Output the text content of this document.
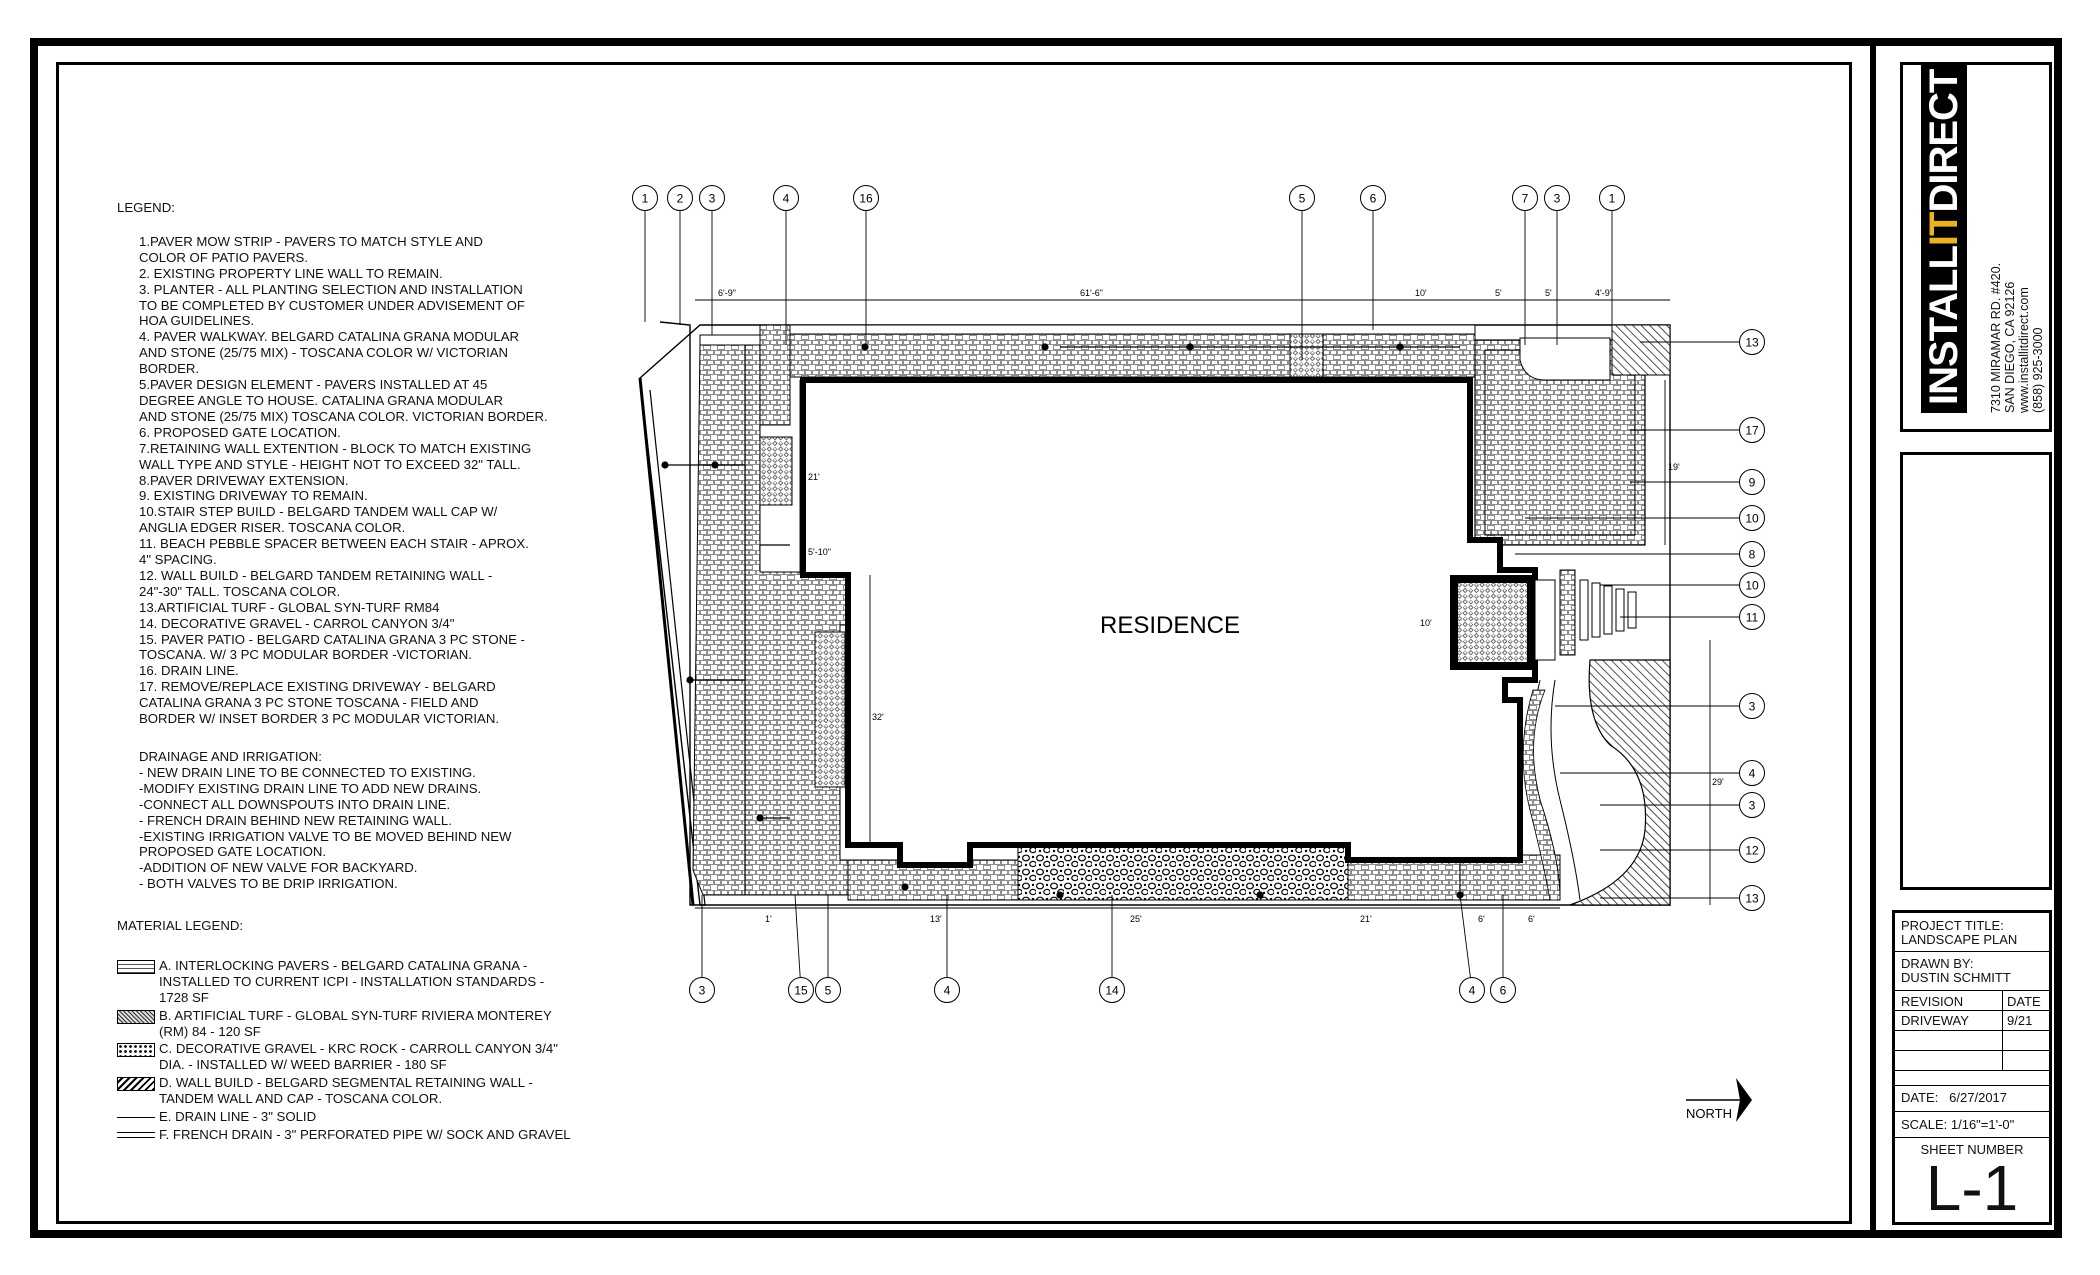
LEGEND:
1.PAVER MOW STRIP - PAVERS TO MATCH STYLE AND
COLOR OF PATIO PAVERS.
2. EXISTING PROPERTY LINE WALL TO REMAIN.
3. PLANTER - ALL PLANTING SELECTION AND INSTALLATION
TO BE COMPLETED BY CUSTOMER UNDER ADVISEMENT OF
HOA GUIDELINES.
4. PAVER WALKWAY. BELGARD CATALINA GRANA MODULAR
AND STONE (25/75 MIX) - TOSCANA COLOR W/ VICTORIAN
BORDER.
5.PAVER DESIGN ELEMENT - PAVERS INSTALLED AT 45
DEGREE ANGLE TO HOUSE. CATALINA GRANA MODULAR
AND STONE (25/75 MIX) TOSCANA COLOR. VICTORIAN BORDER.
6. PROPOSED GATE LOCATION.
7.RETAINING WALL EXTENTION - BLOCK TO MATCH EXISTING
WALL TYPE AND STYLE - HEIGHT NOT TO EXCEED 32" TALL.
8.PAVER DRIVEWAY EXTENSION.
9. EXISTING DRIVEWAY TO REMAIN.
10.STAIR STEP BUILD - BELGARD TANDEM WALL CAP W/
ANGLIA EDGER RISER. TOSCANA COLOR.
11. BEACH PEBBLE SPACER BETWEEN EACH STAIR - APROX.
4" SPACING.
12. WALL BUILD - BELGARD TANDEM RETAINING WALL -
24"-30" TALL. TOSCANA COLOR.
13.ARTIFICIAL TURF - GLOBAL SYN-TURF RM84
14. DECORATIVE GRAVEL - CARROL CANYON 3/4"
15. PAVER PATIO - BELGARD CATALINA GRANA 3 PC STONE -
TOSCANA. W/ 3 PC MODULAR BORDER -VICTORIAN.
16. DRAIN LINE.
17. REMOVE/REPLACE EXISTING DRIVEWAY - BELGARD
CATALINA GRANA 3 PC STONE TOSCANA - FIELD AND
BORDER W/ INSET BORDER 3 PC MODULAR VICTORIAN.
DRAINAGE AND IRRIGATION:
- NEW DRAIN LINE TO BE CONNECTED TO EXISTING.
-MODIFY EXISTING DRAIN LINE TO ADD NEW DRAINS.
-CONNECT ALL DOWNSPOUTS INTO DRAIN LINE.
- FRENCH DRAIN BEHIND NEW RETAINING WALL.
-EXISTING IRRIGATION VALVE TO BE MOVED BEHIND NEW
PROPOSED GATE LOCATION.
-ADDITION OF NEW VALVE FOR BACKYARD.
- BOTH VALVES TO BE DRIP IRRIGATION.
MATERIAL LEGEND:
A. INTERLOCKING PAVERS - BELGARD CATALINA GRANA -
INSTALLED TO CURRENT ICPI - INSTALLATION STANDARDS -
1728 SF
B. ARTIFICIAL TURF - GLOBAL SYN-TURF RIVIERA MONTEREY
(RM) 84 - 120 SF
C. DECORATIVE GRAVEL - KRC ROCK - CARROLL CANYON 3/4"
DIA. - INSTALLED W/ WEED BARRIER - 180 SF
D. WALL BUILD - BELGARD SEGMENTAL RETAINING WALL -
TANDEM WALL AND CAP - TOSCANA COLOR.
E. DRAIN LINE - 3" SOLID
F. FRENCH DRAIN - 3" PERFORATED PIPE W/ SOCK AND GRAVEL
6'-9"	61'-6"	10'	4'-9"
5'	5'
21'
5'-10"
32'
19'
10'
29'
1'	13'	25'	21'	6'	6'
RESIDENCE
1 2 3	4	16	5	6	7 3	1
13
17
9
10
8
10
11
3
4
3
12
13
3	15 5	4	14	4 6
NORTH
INSTALLITDIRECT
7310 MIRAMAR RD. #420. SAN DIEGO, CA 92126 www.installitdirect.com (858) 925-3000
PROJECT TITLE:
LANDSCAPE PLAN
DRAWN BY:
DUSTIN SCHMITT
REVISION	DATE
DRIVEWAY	9/21
DATE: 6/27/2017
SCALE: 1/16"=1'-0"
SHEET NUMBER
L-1
